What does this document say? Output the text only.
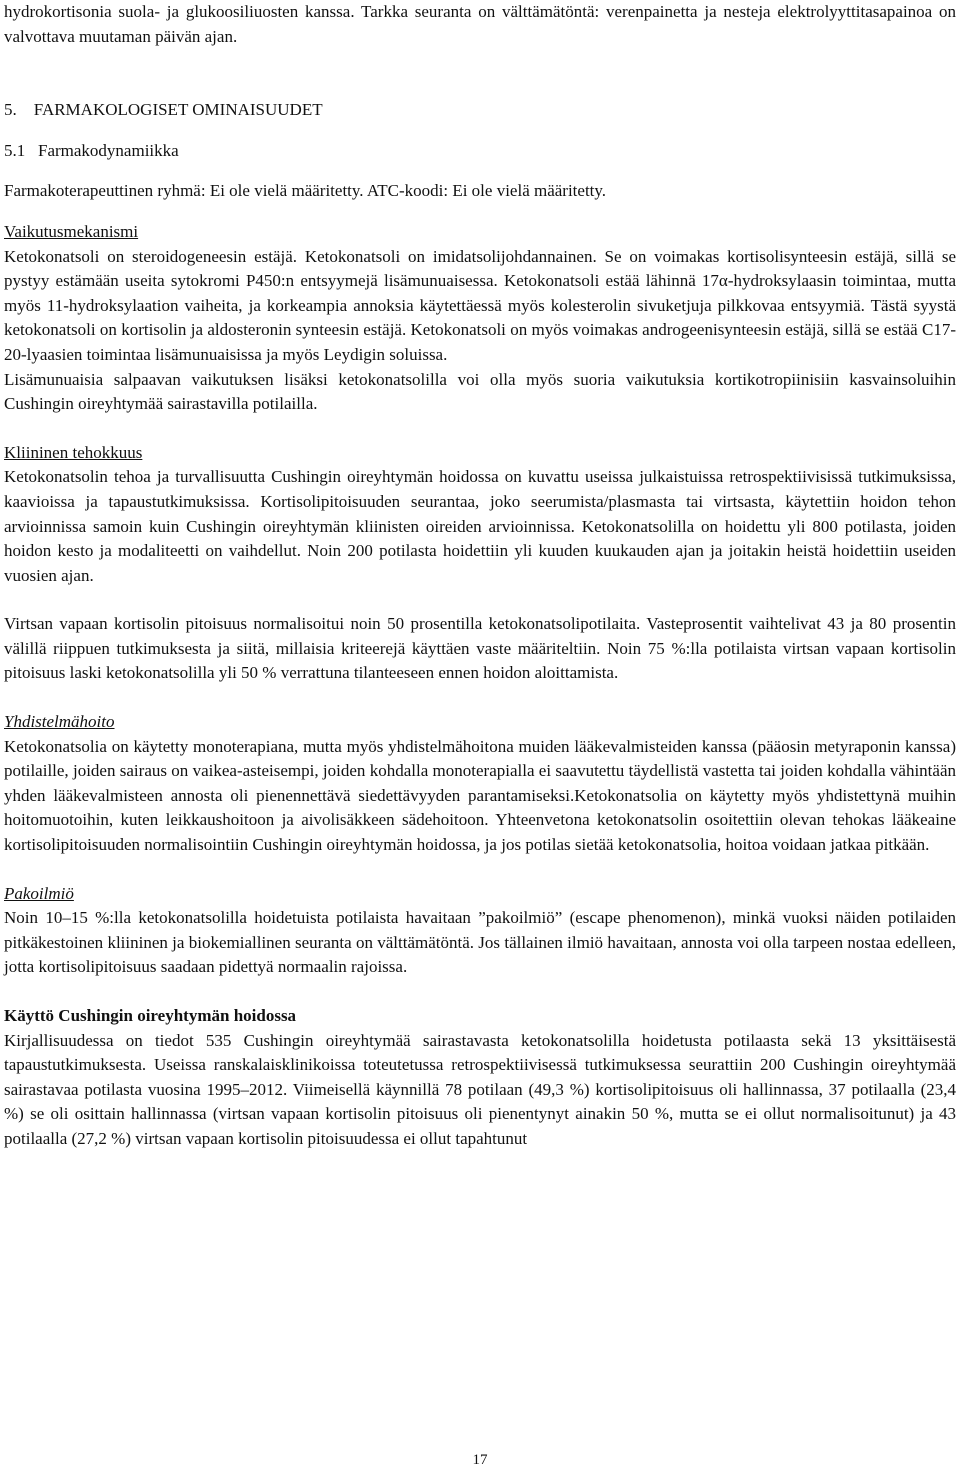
hydrokortisonia suola- ja glukoosiliuosten kanssa. Tarkka seuranta on välttämätöntä: verenpainetta ja nesteja elektrolyyttitasapainoa on valvottava muutaman päivän ajan.

5.    FARMAKOLOGISET OMINAISUUDET

5.1   Farmakodynamiikka

Farmakoterapeuttinen ryhmä: Ei ole vielä määritetty. ATC-koodi: Ei ole vielä määritetty.

Vaikutusmekanismi

Ketokonatsoli on steroidogeneesin estäjä. Ketokonatsoli on imidatsolijohdannainen. Se on voimakas kortisolisynteesin estäjä, sillä se pystyy estämään useita sytokromi P450:n entsyymejä lisämunuaisessa. Ketokonatsoli estää lähinnä 17α-hydroksylaasin toimintaa, mutta myös 11-hydroksylaation vaiheita, ja korkeampia annoksia käytettäessä myös kolesterolin sivuketjuja pilkkovaa entsyymiä. Tästä syystä ketokonatsoli on kortisolin ja aldosteronin synteesin estäjä. Ketokonatsoli on myös voimakas androgeenisynteesin estäjä, sillä se estää C17-20-lyaasien toimintaa lisämunuaisissa ja myös Leydigin soluissa.

Lisämunuaisia salpaavan vaikutuksen lisäksi ketokonatsolilla voi olla myös suoria vaikutuksia kortikotropiinisiin kasvainsoluihin Cushingin oireyhtymää sairastavilla potilailla.

Kliininen tehokkuus

Ketokonatsolin tehoa ja turvallisuutta Cushingin oireyhtymän hoidossa on kuvattu useissa julkaistuissa retrospektiivisissä tutkimuksissa, kaavioissa ja tapaustutkimuksissa. Kortisolipitoisuuden seurantaa, joko seerumista/plasmasta tai virtsasta, käytettiin hoidon tehon arvioinnissa samoin kuin Cushingin oireyhtymän kliinisten oireiden arvioinnissa. Ketokonatsolilla on hoidettu yli 800 potilasta, joiden hoidon kesto ja modaliteetti on vaihdellut. Noin 200 potilasta hoidettiin yli kuuden kuukauden ajan ja joitakin heistä hoidettiin useiden vuosien ajan.

Virtsan vapaan kortisolin pitoisuus normalisoitui noin 50 prosentilla ketokonatsolipotilaita. Vasteprosentit vaihtelivat 43 ja 80 prosentin välillä riippuen tutkimuksesta ja siitä, millaisia kriteerejä käyttäen vaste määriteltiin. Noin 75 %:lla potilaista virtsan vapaan kortisolin pitoisuus laski ketokonatsolilla yli 50 % verrattuna tilanteeseen ennen hoidon aloittamista.

Yhdistelmähoito

Ketokonatsolia on käytetty monoterapiana, mutta myös yhdistelmähoitona muiden lääkevalmisteiden kanssa (pääosin metyraponin kanssa) potilaille, joiden sairaus on vaikea-asteisempi, joiden kohdalla monoterapialla ei saavutettu täydellistä vastetta tai joiden kohdalla vähintään yhden lääkevalmisteen annosta oli pienennettävä siedettävyyden parantamiseksi.Ketokonatsolia on käytetty myös yhdistettynä muihin hoitomuotoihin, kuten leikkaushoitoon ja aivolisäkkeen sädehoitoon. Yhteenvetona ketokonatsolin osoitettiin olevan tehokas lääkeaine kortisolipitoisuuden normalisointiin Cushingin oireyhtymän hoidossa, ja jos potilas sietää ketokonatsolia, hoitoa voidaan jatkaa pitkään.

Pakoilmiö

Noin 10–15 %:lla ketokonatsolilla hoidetuista potilaista havaitaan ”pakoilmiö” (escape phenomenon), minkä vuoksi näiden potilaiden pitkäkestoinen kliininen ja biokemiallinen seuranta on välttämätöntä. Jos tällainen ilmiö havaitaan, annosta voi olla tarpeen nostaa edelleen, jotta kortisolipitoisuus saadaan pidettyä normaalin rajoissa.

Käyttö Cushingin oireyhtymän hoidossa

Kirjallisuudessa on tiedot 535 Cushingin oireyhtymää sairastavasta ketokonatsolilla hoidetusta potilaasta sekä 13 yksittäisestä tapaustutkimuksesta. Useissa ranskalaisklinikoissa toteutetussa retrospektiivisessä tutkimuksessa seurattiin 200 Cushingin oireyhtymää sairastavaa potilasta vuosina 1995–2012. Viimeisellä käynnillä 78 potilaan (49,3 %) kortisolipitoisuus oli hallinnassa, 37 potilaalla (23,4 %) se oli osittain hallinnassa (virtsan vapaan kortisolin pitoisuus oli pienentynyt ainakin 50 %, mutta se ei ollut normalisoitunut) ja 43 potilaalla (27,2 %) virtsan vapaan kortisolin pitoisuudessa ei ollut tapahtunut

17
